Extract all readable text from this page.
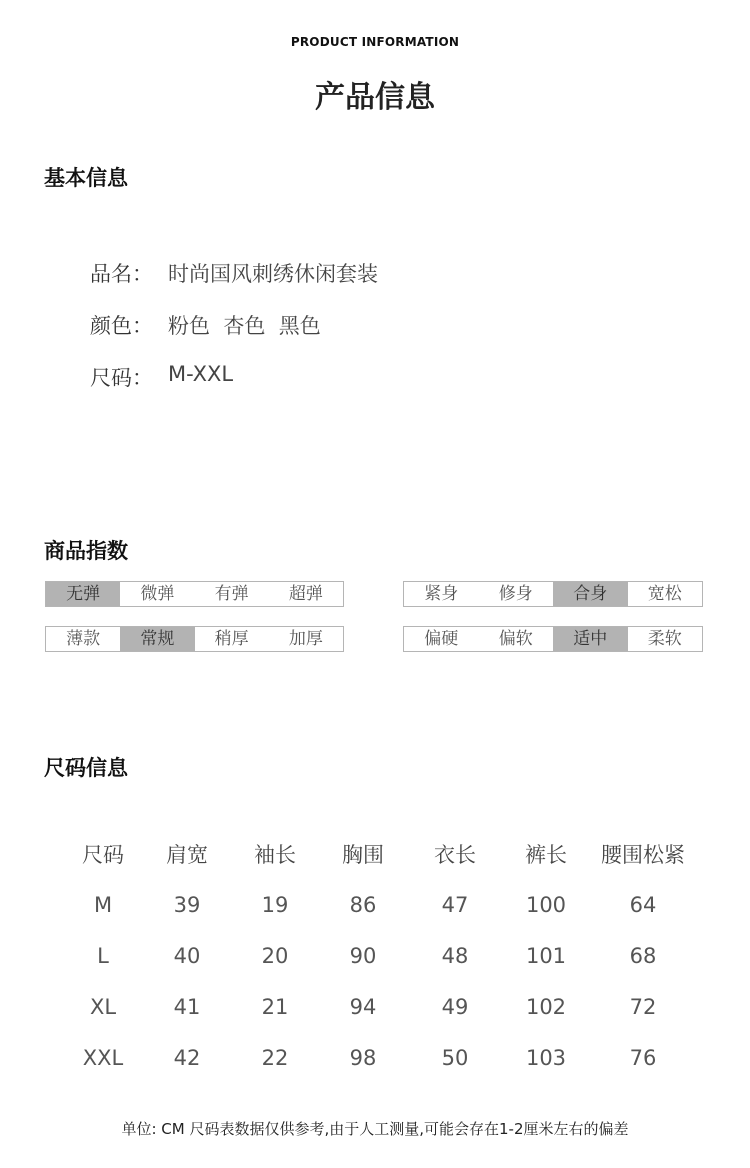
PRODUCT INFORMATION
产品信息
基本信息
品名： 时尚国风刺绣休闲套装
颜色： 粉色  杏色  黑色
尺码： M-XXL
商品指数
无弹	微弹	有弹	超弹	紧身	修身	合身	宽松
薄款	常规	稍厚	加厚	偏硬	偏软	适中	柔软
尺码信息
尺码	肩宽	袖长	胸围	衣长	裤长	腰围松紧
M	39	19	86	47	100	64
L	40	20	90	48	101	68
XL	41	21	94	49	102	72
XXL	42	22	98	50	103	76
单位: CM 尺码表数据仅供参考,由于人工测量,可能会存在1-2厘米左右的偏差
